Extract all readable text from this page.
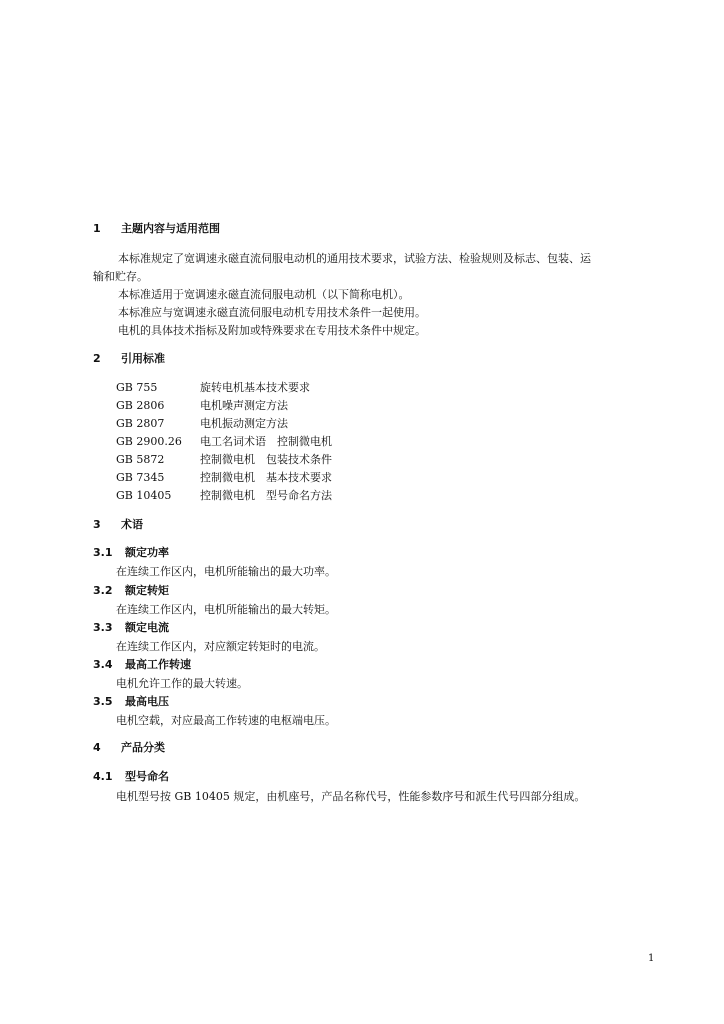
1 主题内容与适用范围
本标准规定了宽调速永磁直流伺服电动机的通用技术要求，试验方法、检验规则及标志、包装、运
输和贮存。
本标准适用于宽调速永磁直流伺服电动机（以下简称电机）。
本标准应与宽调速永磁直流伺服电动机专用技术条件一起使用。
电机的具体技术指标及附加或特殊要求在专用技术条件中规定。
2 引用标准
GB 755	旋转电机基本技术要求
GB 2806	电机噪声测定方法
GB 2807	电机振动测定方法
GB 2900.26 电工名词术语　控制微电机
GB 5872	控制微电机　包装技术条件
GB 7345	控制微电机　基本技术要求
GB 10405	控制微电机　型号命名方法
3 术语
3.1 额定功率
在连续工作区内，电机所能输出的最大功率。
3.2 额定转矩
在连续工作区内，电机所能输出的最大转矩。
3.3 额定电流
在连续工作区内，对应额定转矩时的电流。
3.4 最高工作转速
电机允许工作的最大转速。
3.5 最高电压
电机空载，对应最高工作转速的电枢端电压。
4 产品分类
4.1 型号命名
电机型号按 GB 10405 规定，由机座号，产品名称代号，性能参数序号和派生代号四部分组成。
1
